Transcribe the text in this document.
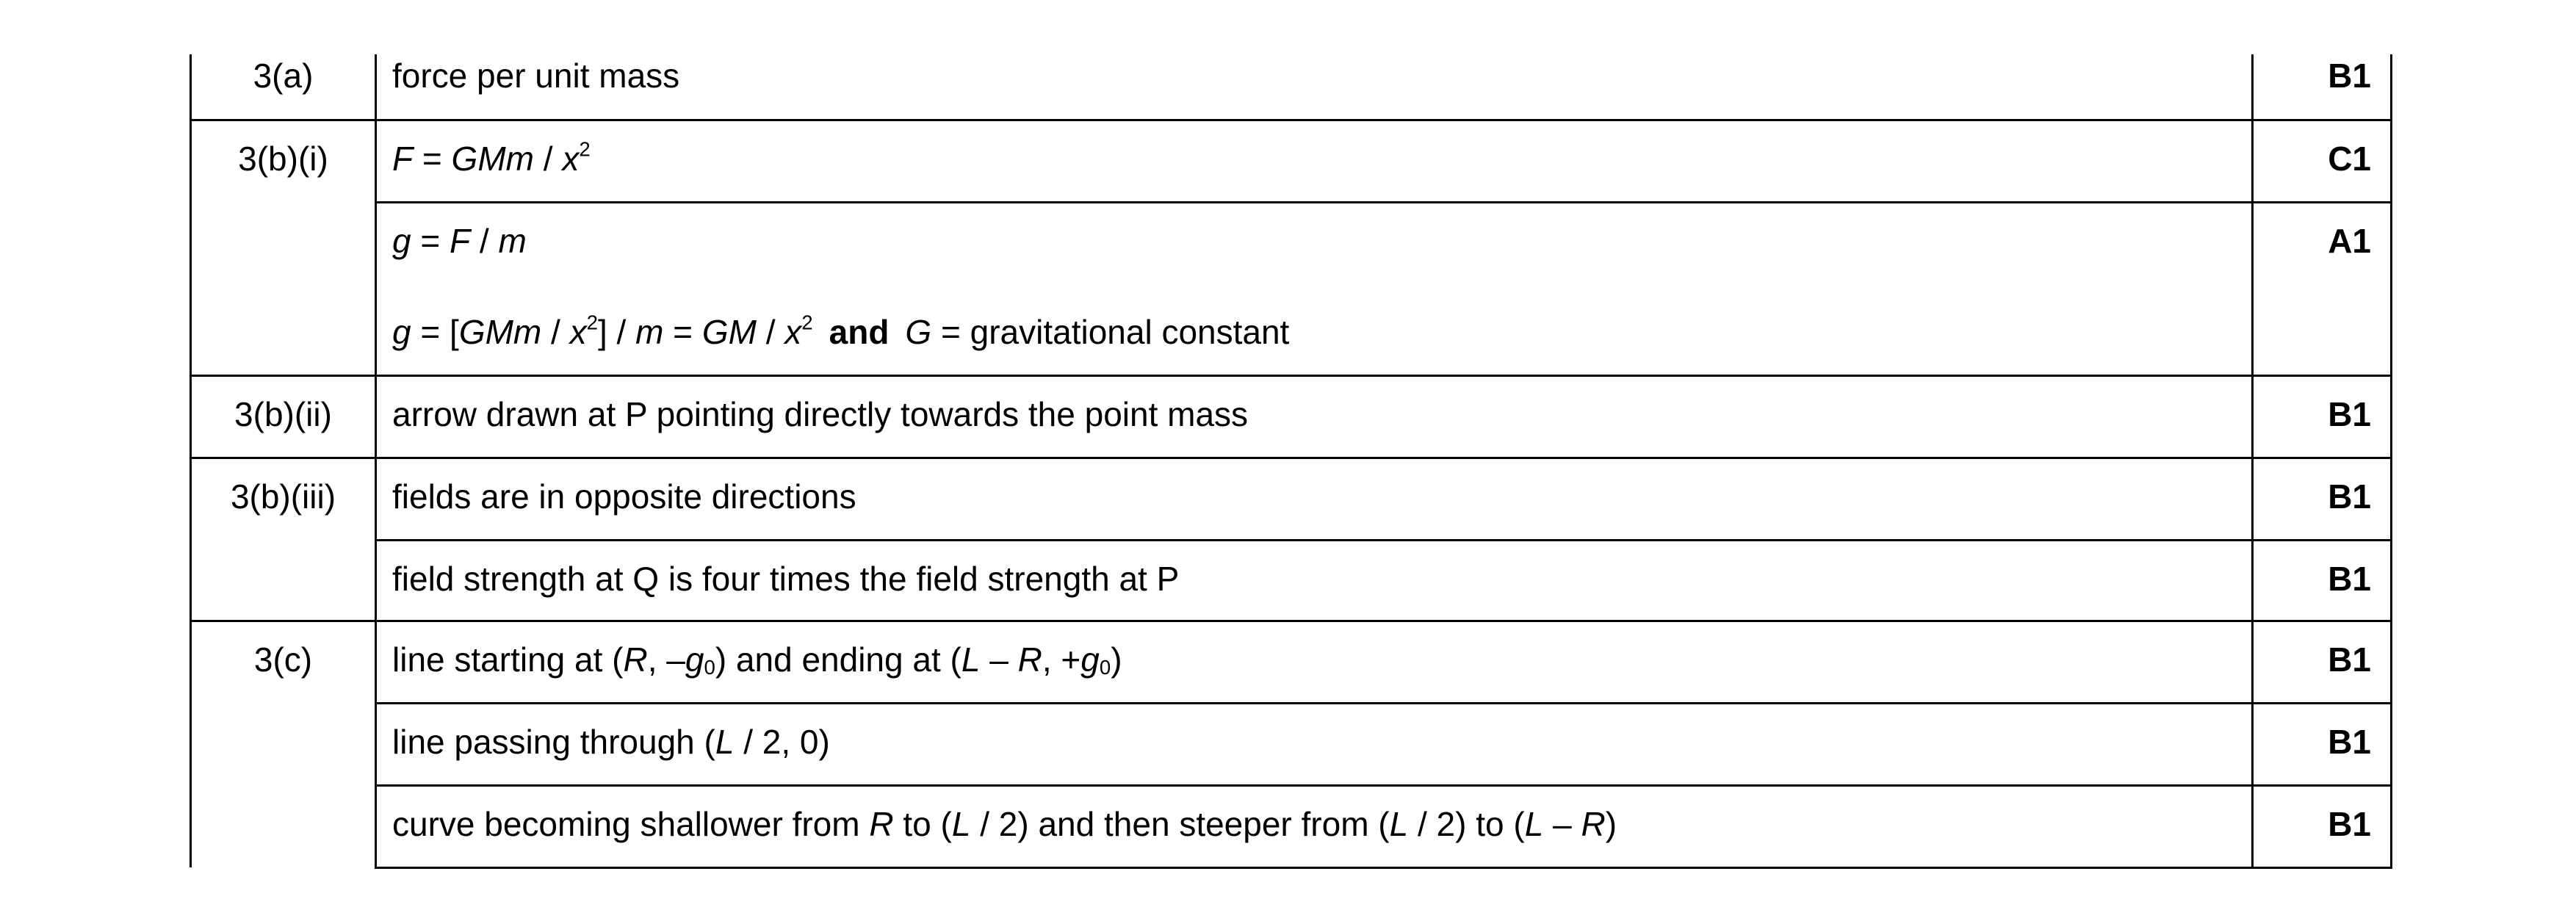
3(a)	force per unit mass	B1
3(b)(i)	F = GMm / $x^2$	C1

	g = F / m
$g = [GMm / x^2] / m$ = GM / $x^2$ and G = gravitational constant	A1
3(b)(ii)	arrow drawn at P pointing directly towards the point mass	B1
3(b)(iii)	fields are in opposite directions	B1

	field strength at Q is four times the field strength at P	B1
3(c)	line starting at (R, $-g_0$) and ending at (L – R, $+g_0$)	B1

	line passing through (L / 2, 0)	B1

	curve becoming shallower from R to (L / 2) and then steeper from (L / 2) to (L – R)	B1
